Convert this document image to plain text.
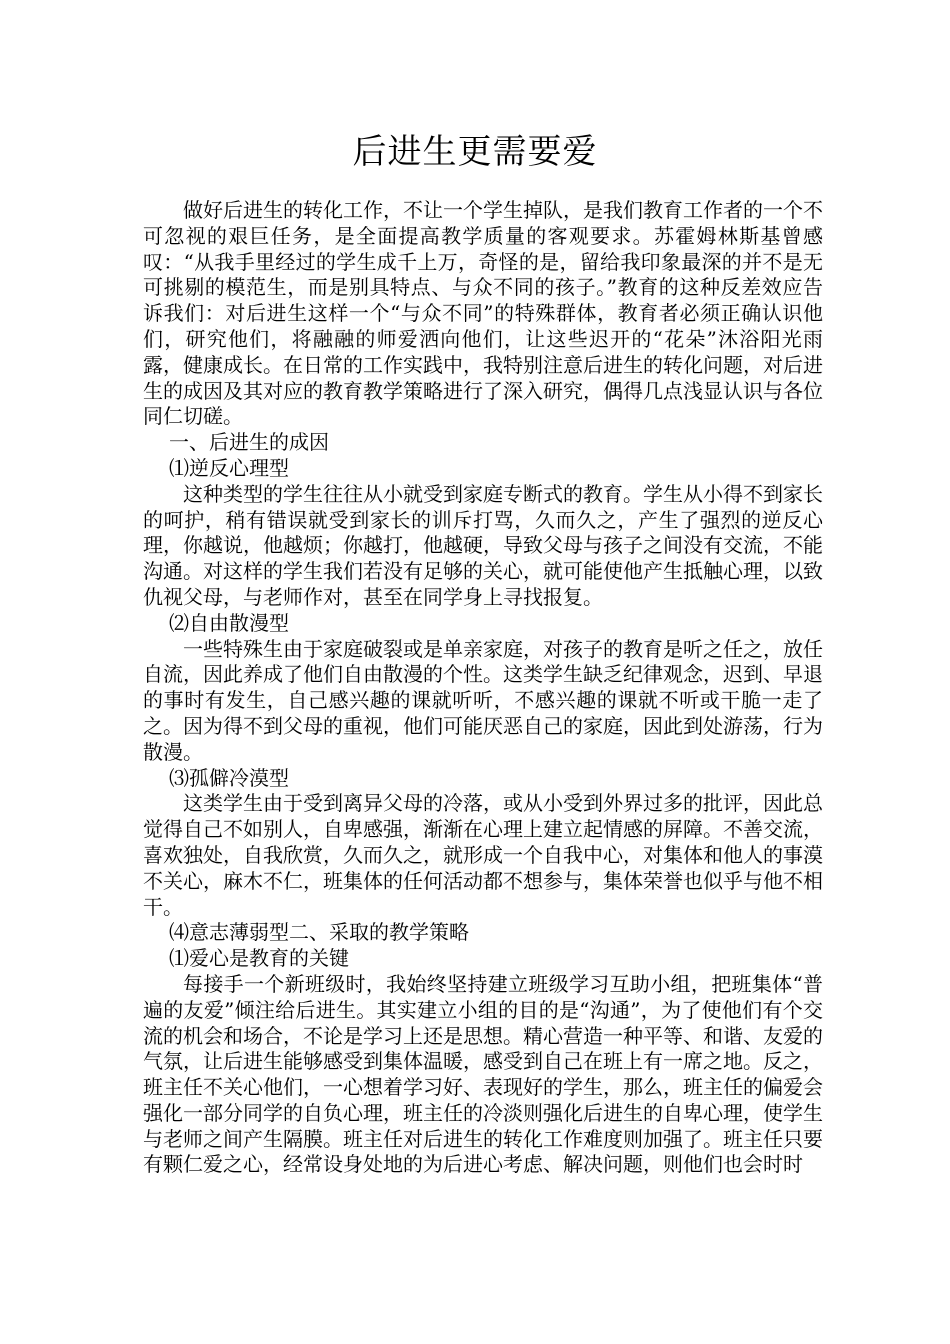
后进生更需要爱

做好后进生的转化工作，不让一个学生掉队，是我们教育工作者的一个不可忽视的艰巨任务，是全面提高教学质量的客观要求。苏霍姆林斯基曾感叹：“从我手里经过的学生成千上万，奇怪的是，留给我印象最深的并不是无可挑剔的模范生，而是别具特点、与众不同的孩子。”教育的这种反差效应告诉我们：对后进生这样一个“与众不同”的特殊群体，教育者必须正确认识他们，研究他们，将融融的师爱洒向他们，让这些迟开的“花朵”沐浴阳光雨露，健康成长。在日常的工作实践中，我特别注意后进生的转化问题，对后进生的成因及其对应的教育教学策略进行了深入研究，偶得几点浅显认识与各位同仁切磋。

一、后进生的成因

⑴逆反心理型

这种类型的学生往往从小就受到家庭专断式的教育。学生从小得不到家长的呵护，稍有错误就受到家长的训斥打骂，久而久之，产生了强烈的逆反心理，你越说，他越烦；你越打，他越硬，导致父母与孩子之间没有交流，不能沟通。对这样的学生我们若没有足够的关心，就可能使他产生抵触心理，以致仇视父母，与老师作对，甚至在同学身上寻找报复。

⑵自由散漫型

一些特殊生由于家庭破裂或是单亲家庭，对孩子的教育是听之任之，放任自流，因此养成了他们自由散漫的个性。这类学生缺乏纪律观念，迟到、早退的事时有发生，自己感兴趣的课就听听，不感兴趣的课就不听或干脆一走了之。因为得不到父母的重视，他们可能厌恶自己的家庭，因此到处游荡，行为散漫。

⑶孤僻冷漠型

这类学生由于受到离异父母的冷落，或从小受到外界过多的批评，因此总觉得自己不如别人，自卑感强，渐渐在心理上建立起情感的屏障。不善交流，喜欢独处，自我欣赏，久而久之，就形成一个自我中心，对集体和他人的事漠不关心，麻木不仁，班集体的任何活动都不想参与，集体荣誉也似乎与他不相干。

⑷意志薄弱型二、采取的教学策略

⑴爱心是教育的关键

每接手一个新班级时，我始终坚持建立班级学习互助小组，把班集体“普遍的友爱”倾注给后进生。其实建立小组的目的是“沟通”，为了使他们有个交流的机会和场合，不论是学习上还是思想。精心营造一种平等、和谐、友爱的气氛，让后进生能够感受到集体温暖，感受到自己在班上有一席之地。反之，班主任不关心他们，一心想着学习好、表现好的学生，那么，班主任的偏爱会强化一部分同学的自负心理，班主任的冷淡则强化后进生的自卑心理，使学生与老师之间产生隔膜。班主任对后进生的转化工作难度则加强了。班主任只要有颗仁爱之心，经常设身处地的为后进心考虑、解决问题，则他们也会时时
